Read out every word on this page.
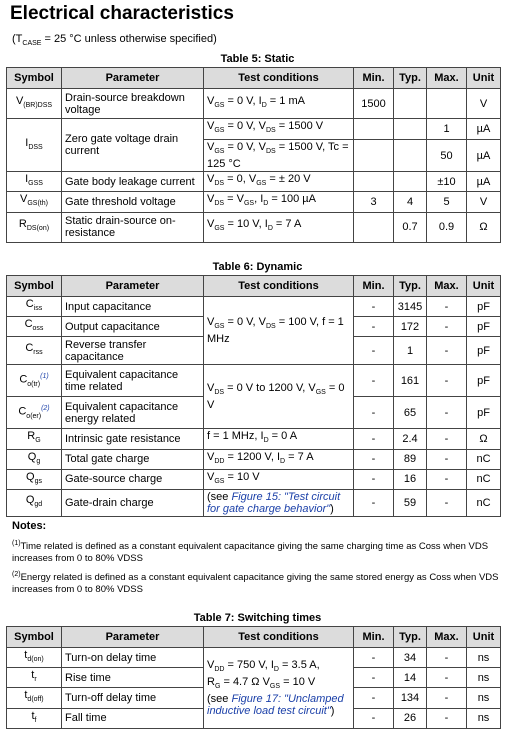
Electrical characteristics
($T_{CASE} = 25$ °C unless otherwise specified)
Table 5: Static
Symbol	Parameter	Test conditions	Min.	Typ.	Max.	Unit
$V_{(BR)DSS}$	Drain-source breakdown voltage	$V_{GS} = 0$ V, $I_D = 1$ mA	1500			V
$I_{DSS}$	Zero gate voltage drain current	$V_{GS} = 0$ V, $V_{DS} = 1500$ V			1	µA
		$V_{GS} = 0$ V, $V_{DS} = 1500$ V, Tc = 125 °C			50	µA
$I_{GSS}$	Gate body leakage current	$V_{DS} = 0$, $V_{GS}$ = ± 20 V			±10	µA
$V_{GS(th)}$	Gate threshold voltage	$V_{DS} = V_{GS}$, $I_D = 100$ µA	3	4	5	V
$R_{DS(on)}$	Static drain-source on-resistance	$V_{GS} = 10$ V, $I_D = 7$ A		0.7	0.9	Ω
Table 6: Dynamic
Symbol	Parameter	Test conditions	Min.	Typ.	Max.	Unit
$C_{iss}$	Input capacitance	$V_{GS} = 0$ V, $V_{DS} = 100$ V, f = 1 MHz	-	3145	-	pF
$C_{oss}$	Output capacitance		-	172	-	pF
$C_{rss}$	Reverse transfer capacitance		-	1	-	pF
$C_{o(tr)}^{(1)}$	Equivalent capacitance time related	$V_{DS} = 0$ V to 1200 V, $V_{GS} = 0$ V	-	161	-	pF
$C_{o(er)}^{(2)}$	Equivalent capacitance energy related		-	65	-	pF
$R_G$	Intrinsic gate resistance	f = 1 MHz, $I_D = 0$ A	-	2.4	-	Ω
$Q_g$	Total gate charge	$V_{DD} = 1200$ V, $I_D = 7$ A	-	89	-	nC
$Q_{gs}$	Gate-source charge	$V_{GS} = 10$ V	-	16	-	nC
$Q_{gd}$	Gate-drain charge	(see Figure 15: "Test circuit for gate charge behavior")	-	59	-	nC
Notes:
$^{(1)}$Time related is defined as a constant equivalent capacitance giving the same charging time as Coss when VDS increases from 0 to 80% VDSS
$^{(2)}$Energy related is defined as a constant equivalent capacitance giving the same stored energy as Coss when VDS increases from 0 to 80% VDSS
Table 7: Switching times
Symbol	Parameter	Test conditions	Min.	Typ.	Max.	Unit
$t_{d(on)}$	Turn-on delay time	$V_{DD} = 750$ V, $I_D = 3.5$ A,
$R_G = 4.7$ Ω $V_{GS} = 10$ V
(see Figure 17: "Unclamped inductive load test circuit")	-	34	-	ns
$t_r$	Rise time		-	14	-	ns
$t_{d(off)}$	Turn-off delay time		-	134	-	ns
$t_f$	Fall time		-	26	-	ns
